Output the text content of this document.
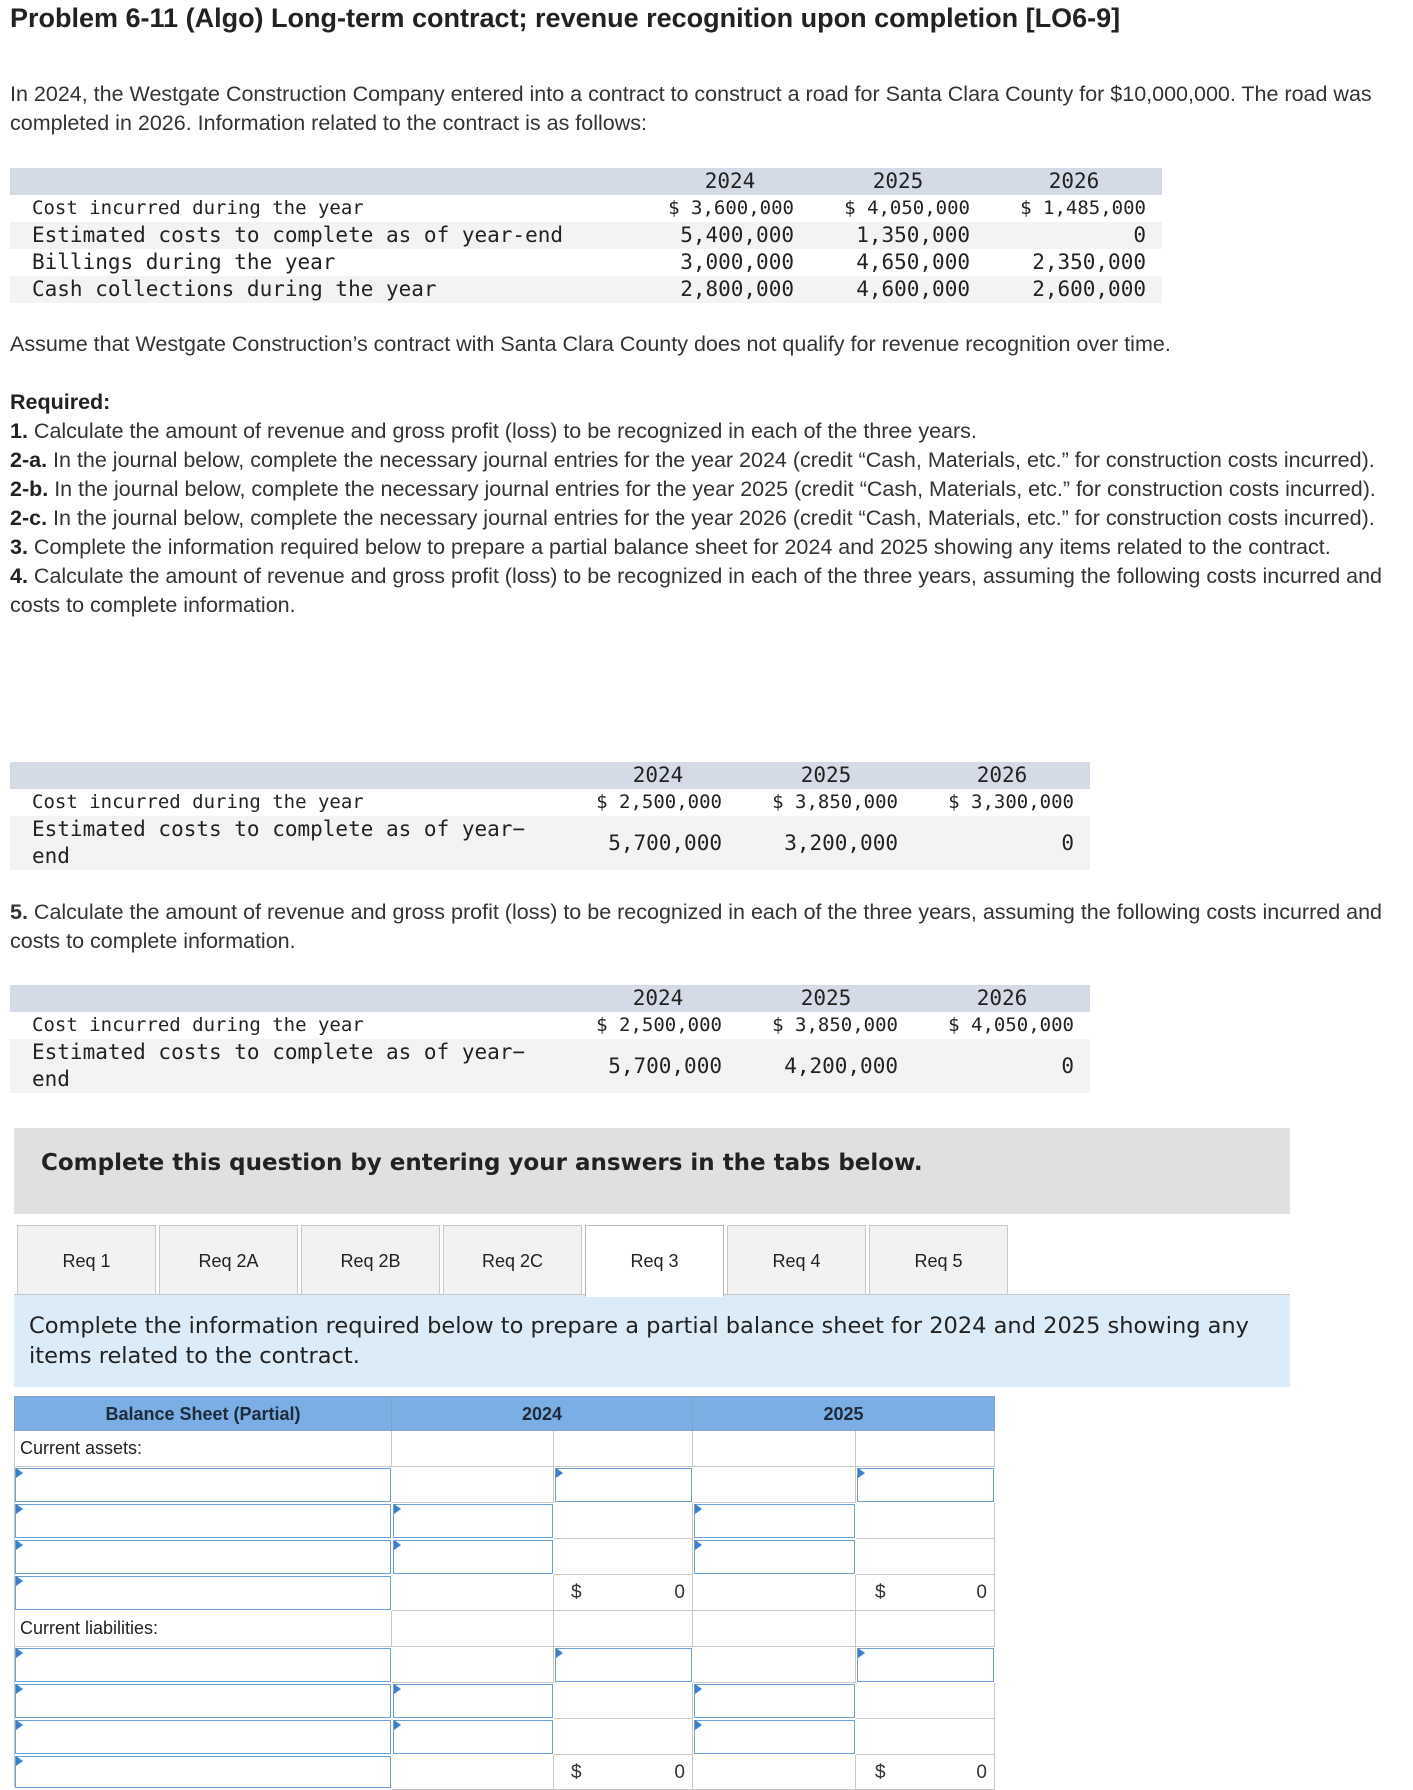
Problem 6-11 (Algo) Long-term contract; revenue recognition upon completion [LO6-9]
In 2024, the Westgate Construction Company entered into a contract to construct a road for Santa Clara County for $10,000,000. The road was completed in 2026. Information related to the contract is as follows:
	2024	2025	2026
Cost incurred during the year	$ 3,600,000	$ 4,050,000	$ 1,485,000
Estimated costs to complete as of year-end	5,400,000	1,350,000	0
Billings during the year	3,000,000	4,650,000	2,350,000
Cash collections during the year	2,800,000	4,600,000	2,600,000
Assume that Westgate Construction’s contract with Santa Clara County does not qualify for revenue recognition over time.

Required:

1. Calculate the amount of revenue and gross profit (loss) to be recognized in each of the three years.

2-a. In the journal below, complete the necessary journal entries for the year 2024 (credit “Cash, Materials, etc.” for construction costs incurred).

2-b. In the journal below, complete the necessary journal entries for the year 2025 (credit “Cash, Materials, etc.” for construction costs incurred).

2-c. In the journal below, complete the necessary journal entries for the year 2026 (credit “Cash, Materials, etc.” for construction costs incurred).

3. Complete the information required below to prepare a partial balance sheet for 2024 and 2025 showing any items related to the contract.

4. Calculate the amount of revenue and gross profit (loss) to be recognized in each of the three years, assuming the following costs incurred and costs to complete information.

	2024	2025	2026
Cost incurred during the year	$ 2,500,000	$ 3,850,000	$ 3,300,000
Estimated costs to complete as of year−
end	5,700,000	3,200,000	0
5. Calculate the amount of revenue and gross profit (loss) to be recognized in each of the three years, assuming the following costs incurred and costs to complete information.
	2024	2025	2026
Cost incurred during the year	$ 2,500,000	$ 3,850,000	$ 4,050,000
Estimated costs to complete as of year−
end	5,700,000	4,200,000	0
Complete this question by entering your answers in the tabs below.
Req 1	Req 2A	Req 2B	Req 2C	Req 3	Req 4	Req 5
Complete the information required below to prepare a partial balance sheet for 2024 and 2025 showing any items related to the contract.
Balance Sheet (Partial)	2024	2025
Current assets:
$	0	$	0
Current liabilities:
$	0	$	0
